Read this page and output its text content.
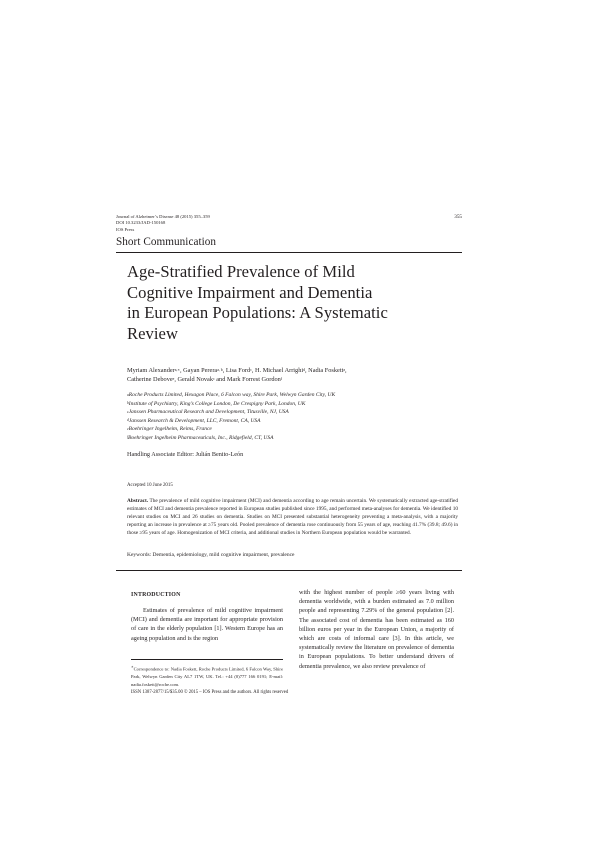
Journal of Alzheimer’s Disease 48 (2015) 355–359
DOI 10.3233/JAD-150168
IOS Press
355
Short Communication
Age-Stratified Prevalence of Mild
Cognitive Impairment and Dementia
in European Populations: A Systematic
Review
Myriam Alexander$^{a,∗}$, Gayan Perera$^{a, b}$, Lisa Ford$^c$, H. Michael Arrighi$^d$, Nadia Foskett$^a$,
Catherine Debove$^e$, Gerald Novak$^c$ and Mark Forrest Gordon$^f$
$^a$Roche Products Limited, Hexagon Place, 6 Falcon way, Shire Park, Welwyn Garden City, UK
$^b$Institute of Psychiatry, King’s College London, De Crespigny Park, London, UK
$^c$Janssen Pharmaceutical Research and Development, Titusville, NJ, USA
$^d$Janssen Research & Development, LLC, Fremont, CA, USA
$^e$Boehringer Ingelheim, Reims, France
$^f$Boehringer Ingelheim Pharmaceuticals, Inc., Ridgefield, CT, USA
Handling Associate Editor: Julián Benito-León
Accepted 10 June 2015
Abstract. The prevalence of mild cognitive impairment (MCI) and dementia according to age remain uncertain. We systematically extracted age-stratified estimates of MCI and dementia prevalence reported in European studies published since 1995, and performed meta-analyses for dementia. We identified 10 relevant studies on MCI and 26 studies on dementia. Studies on MCI presented substantial heterogeneity preventing a meta-analysis, with a majority reporting an increase in prevalence at ≥75 years old. Pooled prevalence of dementia rose continuously from 55 years of age, reaching 41.7% (39.8; 49.6) in those ≥95 years of age. Homogenization of MCI criteria, and additional studies in Northern European population would be warranted.
Keywords: Dementia, epidemiology, mild cognitive impairment, prevalence
INTRODUCTION

Estimates of prevalence of mild cognitive impairment (MCI) and dementia are important for appropriate provision of care in the elderly population [1]. Western Europe has an ageing population and is the region

with the highest number of people ≥60 years living with dementia worldwide, with a burden estimated as 7.0 million people and representing 7.29% of the general population [2]. The associated cost of dementia has been estimated as 160 billion euros per year in the European Union, a majority of which are costs of informal care [3]. In this article, we systematically review the literature on prevalence of dementia in European populations. To better understand drivers of dementia prevalence, we also review prevalence of

∗Correspondence to: Nadia Foskett, Roche Products Limited, 6 Falcon Way, Shire Park, Welwyn Garden City AL7 1TW, UK. Tel.: +44 (0)777 166 0191; E-mail: nadia.foskett@roche.com.
ISSN 1387-2877/15/$35.00 © 2015 – IOS Press and the authors. All rights reserved
